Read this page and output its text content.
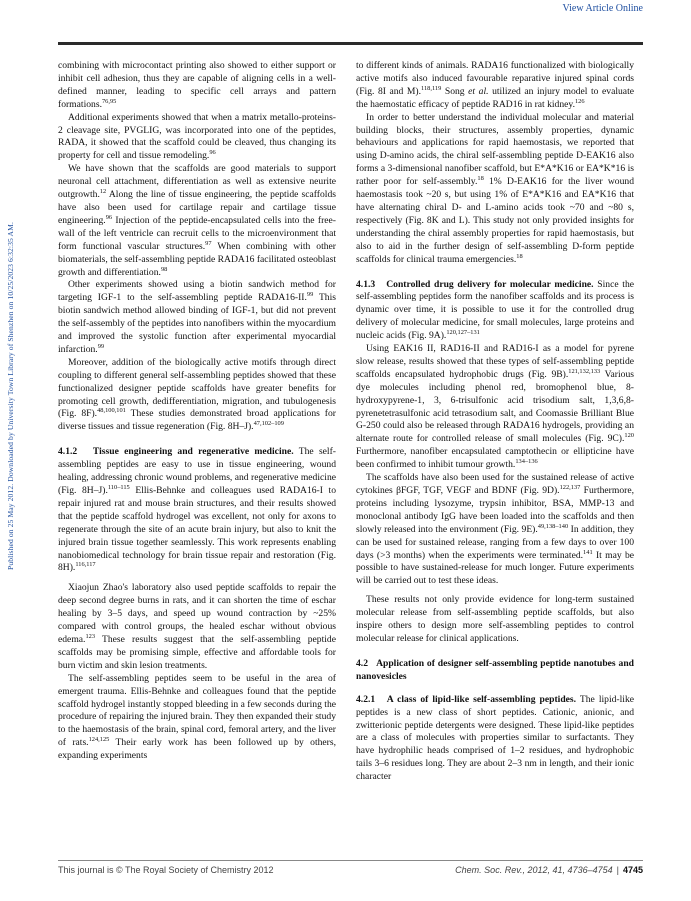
View Article Online
Published on 25 May 2012. Downloaded by University Town Library of Shenzhen on 10/25/2023 6:32:35 AM.

combining with microcontact printing also showed to either support or inhibit cell adhesion, thus they are capable of aligning cells in a well-defined manner, leading to specific cell arrays and pattern formations.$^{76,95}$

Additional experiments showed that when a matrix metallo-proteins-2 cleavage site, PVGLIG, was incorporated into one of the peptides, RADA, it showed that the scaffold could be cleaved, thus changing its property for cell and tissue remodeling.$^{96}$

We have shown that the scaffolds are good materials to support neuronal cell attachment, differentiation as well as extensive neurite outgrowth.$^{12}$ Along the line of tissue engineering, the peptide scaffolds have also been used for cartilage repair and cartilage tissue engineering.$^{96}$ Injection of the peptide-encapsulated cells into the free-wall of the left ventricle can recruit cells to the microenvironment that form functional vascular structures.$^{97}$ When combining with other biomaterials, the self-assembling peptide RADA16 facilitated osteoblast growth and differentiation.$^{98}$

Other experiments showed using a biotin sandwich method for targeting IGF-1 to the self-assembling peptide RADA16-II.$^{99}$ This biotin sandwich method allowed binding of IGF-1, but did not prevent the self-assembly of the peptides into nanofibers within the myocardium and improved the systolic function after experimental myocardial infarction.$^{99}$

Moreover, addition of the biologically active motifs through direct coupling to different general self-assembling peptides showed that these functionalized designer peptide scaffolds have greater benefits for promoting cell growth, dedifferentiation, migration, and tubulogenesis (Fig. 8F).$^{48,100,101}$ These studies demonstrated broad applications for diverse tissues and tissue regeneration (Fig. 8H–J).$^{47,102-109}$

4.1.2 Tissue engineering and regenerative medicine. The self-assembling peptides are easy to use in tissue engineering, wound healing, addressing chronic wound problems, and regenerative medicine (Fig. 8H–J).$^{110-115}$ Ellis-Behnke and colleagues used RADA16-I to repair injured rat and mouse brain structures, and their results showed that the peptide scaffold hydrogel was excellent, not only for axons to regenerate through the site of an acute brain injury, but also to knit the injured brain tissue together seamlessly. This work represents enabling nanobiomedical technology for brain tissue repair and restoration (Fig. 8H).$^{116,117}$

Xiaojun Zhao's laboratory also used peptide scaffolds to repair the deep second degree burns in rats, and it can shorten the time of eschar healing by 3–5 days, and speed up wound contraction by ~25% compared with control groups, the healed eschar without obvious edema.$^{123}$ These results suggest that the self-assembling peptide scaffolds may be promising simple, effective and affordable tools for burn victim and skin lesion treatments.

The self-assembling peptides seem to be useful in the area of emergent trauma. Ellis-Behnke and colleagues found that the peptide scaffold hydrogel instantly stopped bleeding in a few seconds during the procedure of repairing the injured brain. They then expanded their study to the haemostasis of the brain, spinal cord, femoral artery, and the liver of rats.$^{124,125}$ Their early work has been followed up by others, expanding experiments

to different kinds of animals. RADA16 functionalized with biologically active motifs also induced favourable reparative injured spinal cords (Fig. 8I and M).$^{118,119}$ Song et al. utilized an injury model to evaluate the haemostatic efficacy of peptide RAD16 in rat kidney.$^{126}$

In order to better understand the individual molecular and material building blocks, their structures, assembly properties, dynamic behaviours and applications for rapid haemostasis, we reported that using D-amino acids, the chiral self-assembling peptide D-EAK16 also forms a 3-dimensional nanofiber scaffold, but E*A*K16 or EA*K*16 is rather poor for self-assembly.$^{18}$ 1% D-EAK16 for the liver wound haemostasis took ~20 s, but using 1% of E*A*K16 and EA*K16 that have alternating chiral D- and L-amino acids took ~70 and ~80 s, respectively (Fig. 8K and L). This study not only provided insights for understanding the chiral assembly properties for rapid haemostasis, but also to aid in the further design of self-assembling D-form peptide scaffolds for clinical trauma emergencies.$^{18}$

4.1.3 Controlled drug delivery for molecular medicine. Since the self-assembling peptides form the nanofiber scaffolds and its process is dynamic over time, it is possible to use it for the controlled drug delivery of molecular medicine, for small molecules, large proteins and nucleic acids (Fig. 9A).$^{120,127-131}$

Using EAK16 II, RAD16-II and RAD16-I as a model for pyrene slow release, results showed that these types of self-assembling peptide scaffolds encapsulated hydrophobic drugs (Fig. 9B).$^{121,132,133}$ Various dye molecules including phenol red, bromophenol blue, 8-hydroxypyrene-1, 3, 6-trisulfonic acid trisodium salt, 1,3,6,8-pyrenetetrasulfonic acid tetrasodium salt, and Coomassie Brilliant Blue G-250 could also be released through RADA16 hydrogels, providing an alternate route for controlled release of small molecules (Fig. 9C).$^{120}$ Furthermore, nanofiber encapsulated camptothecin or ellipticine have been confirmed to inhibit tumour growth.$^{134-136}$

The scaffolds have also been used for the sustained release of active cytokines βFGF, TGF, VEGF and BDNF (Fig. 9D).$^{122,137}$ Furthermore, proteins including lysozyme, trypsin inhibitor, BSA, MMP-13 and monoclonal antibody IgG have been loaded into the scaffolds and then slowly released into the environment (Fig. 9E).$^{49,138-140}$ In addition, they can be used for sustained release, ranging from a few days to over 100 days (>3 months) when the experiments were terminated.$^{141}$ It may be possible to have sustained-release for much longer. Future experiments will be carried out to test these ideas.

These results not only provide evidence for long-term sustained molecular release from self-assembling peptide scaffolds, but also inspire others to design more self-assembling peptides to control molecular release for clinical applications.

4.2 Application of designer self-assembling peptide nanotubes and nanovesicles

4.2.1 A class of lipid-like self-assembling peptides. The lipid-like peptides is a new class of short peptides. Cationic, anionic, and zwitterionic peptide detergents were designed. These lipid-like peptides are a class of molecules with properties similar to surfactants. They have hydrophilic heads comprised of 1–2 residues, and hydrophobic tails 3–6 residues long. They are about 2–3 nm in length, and their ionic character

This journal is © The Royal Society of Chemistry 2012	Chem. Soc. Rev., 2012, 41, 4736–4754 | 4745
